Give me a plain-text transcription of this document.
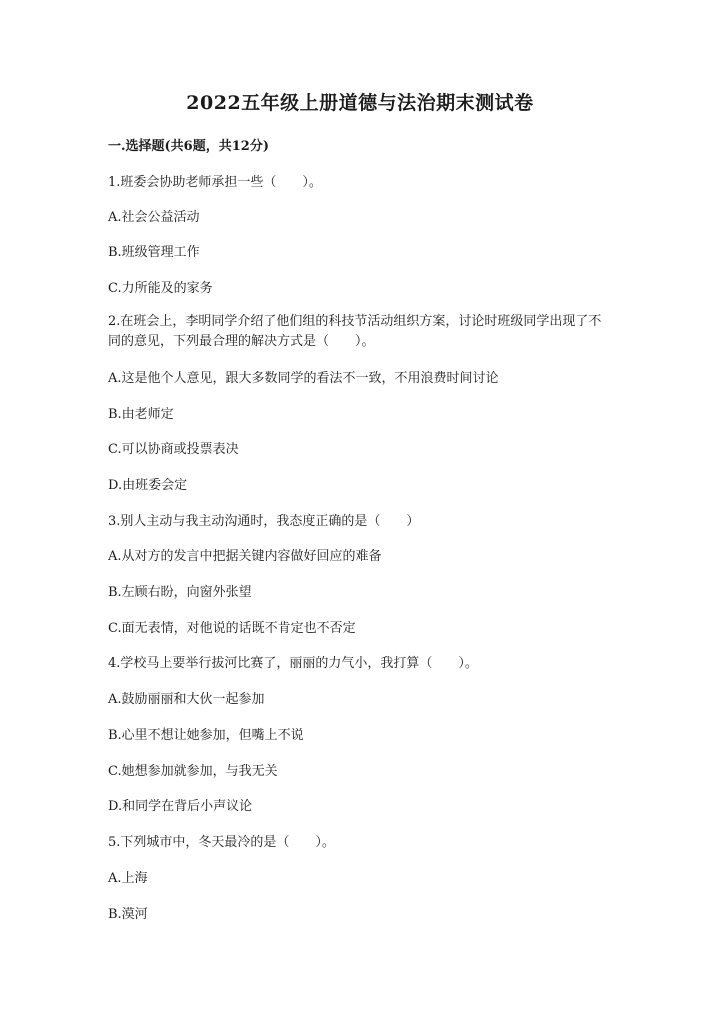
2022五年级上册道德与法治期末测试卷
一.选择题(共6题，共12分)
1.班委会协助老师承担一些（　　）。
A.社会公益活动
B.班级管理工作
C.力所能及的家务
2.在班会上，李明同学介绍了他们组的科技节活动组织方案，讨论时班级同学出现了不同的意见，下列最合理的解决方式是（　　）。
A.这是他个人意见，跟大多数同学的看法不一致，不用浪费时间讨论
B.由老师定
C.可以协商或投票表决
D.由班委会定
3.别人主动与我主动沟通时，我态度正确的是（　　）
A.从对方的发言中把据关键内容做好回应的难备
B.左顾右盼，向窗外张望
C.面无表情，对他说的话既不肯定也不否定
4.学校马上要举行拔河比赛了，丽丽的力气小，我打算（　　）。
A.鼓励丽丽和大伙一起参加
B.心里不想让她参加，但嘴上不说
C.她想参加就参加，与我无关
D.和同学在背后小声议论
5.下列城市中，冬天最冷的是（　　）。
A.上海
B.漠河
